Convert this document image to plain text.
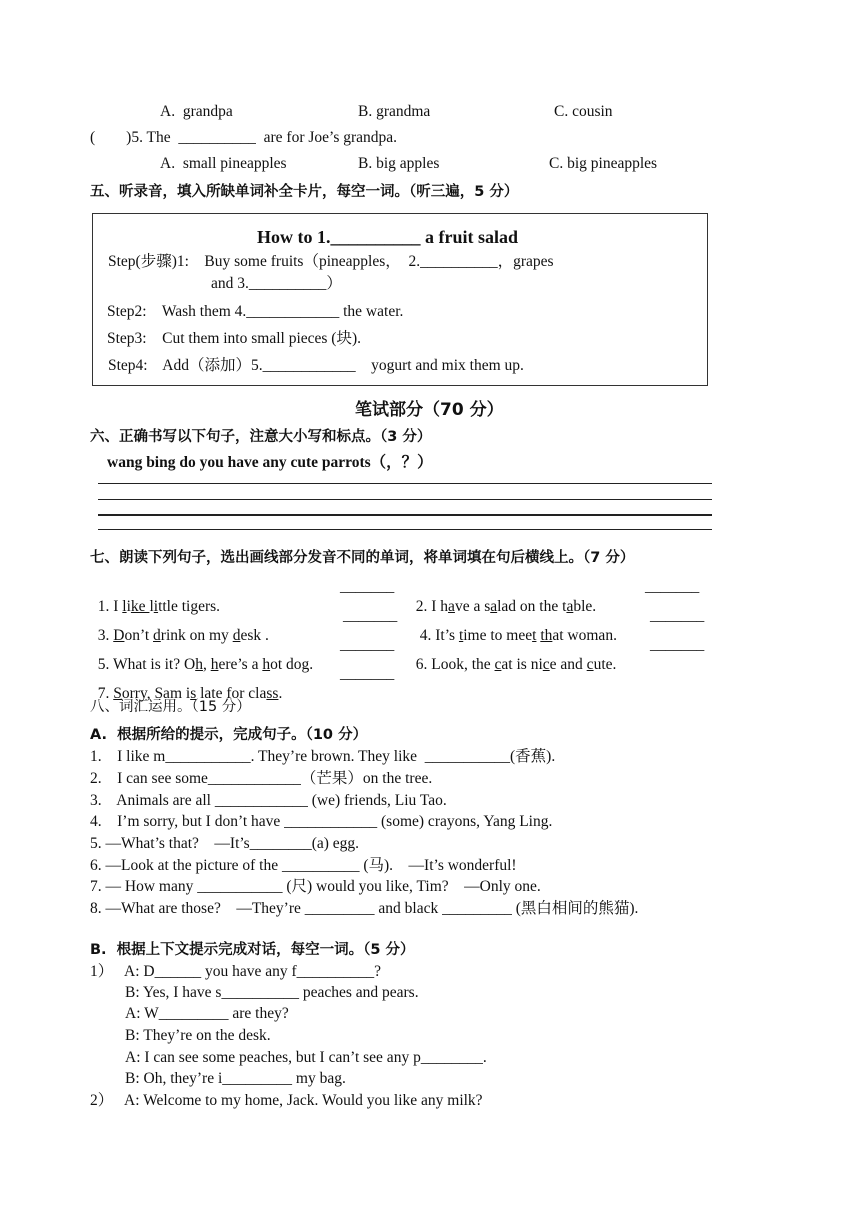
A.  grandpa	B. grandma	C. cousin
(        )5. The  __________  are for Joe’s grandpa.
A.  small pineapples	B. big apples	C. big pineapples
五、听录音，填入所缺单词补全卡片，每空一词。（听三遍，5 分）
How to 1.__________ a fruit salad
Step(步骤)1:    Buy some fruits（pineapples，  2.__________，grapes
and 3.__________）
Step2:    Wash them 4.____________ the water.
Step3:    Cut them into small pieces (块).
Step4:    Add（添加）5.____________    yogurt and mix them up.
笔试部分（70 分）
六、正确书写以下句子，注意大小写和标点。（3 分）
wang bing do you have any cute parrots（，？）
七、朗读下列句子，选出画线部分发音不同的单词，将单词填在句后横线上。（7 分）

1. I like little tigers.

_______

2. I have a salad on the table.

_______

3. Don’t drink on my desk .

_______

4. It’s time to meet that woman.

_______

5. What is it? Oh, here’s a hot dog.

_______

6. Look, the cat is nice and cute.

_______

7. Sorry, Sam is late for class.

_______
八、词汇运用。（15 分）
A.  根据所给的提示，完成句子。（10 分）
1.    I like m___________. They’re brown. They like  ___________(香蕉).
2.    I can see some____________（芒果）on the tree.
3.    Animals are all ____________ (we) friends, Liu Tao.
4.    I’m sorry, but I don’t have ____________ (some) crayons, Yang Ling.
5. —What’s that?    —It’s________(a) egg.
6. —Look at the picture of the __________ (马).    —It’s wonderful!
7. — How many ___________ (尺) would you like, Tim?    —Only one.
8. —What are those?    —They’re _________ and black _________ (黑白相间的熊猫).
B.  根据上下文提示完成对话，每空一词。（5 分）
1）   A: D______ you have any f__________?
B: Yes, I have s__________ peaches and pears.
A: W_________ are they?
B: They’re on the desk.
A: I can see some peaches, but I can’t see any p________.
B: Oh, they’re i_________ my bag.
2）   A: Welcome to my home, Jack. Would you like any milk?
